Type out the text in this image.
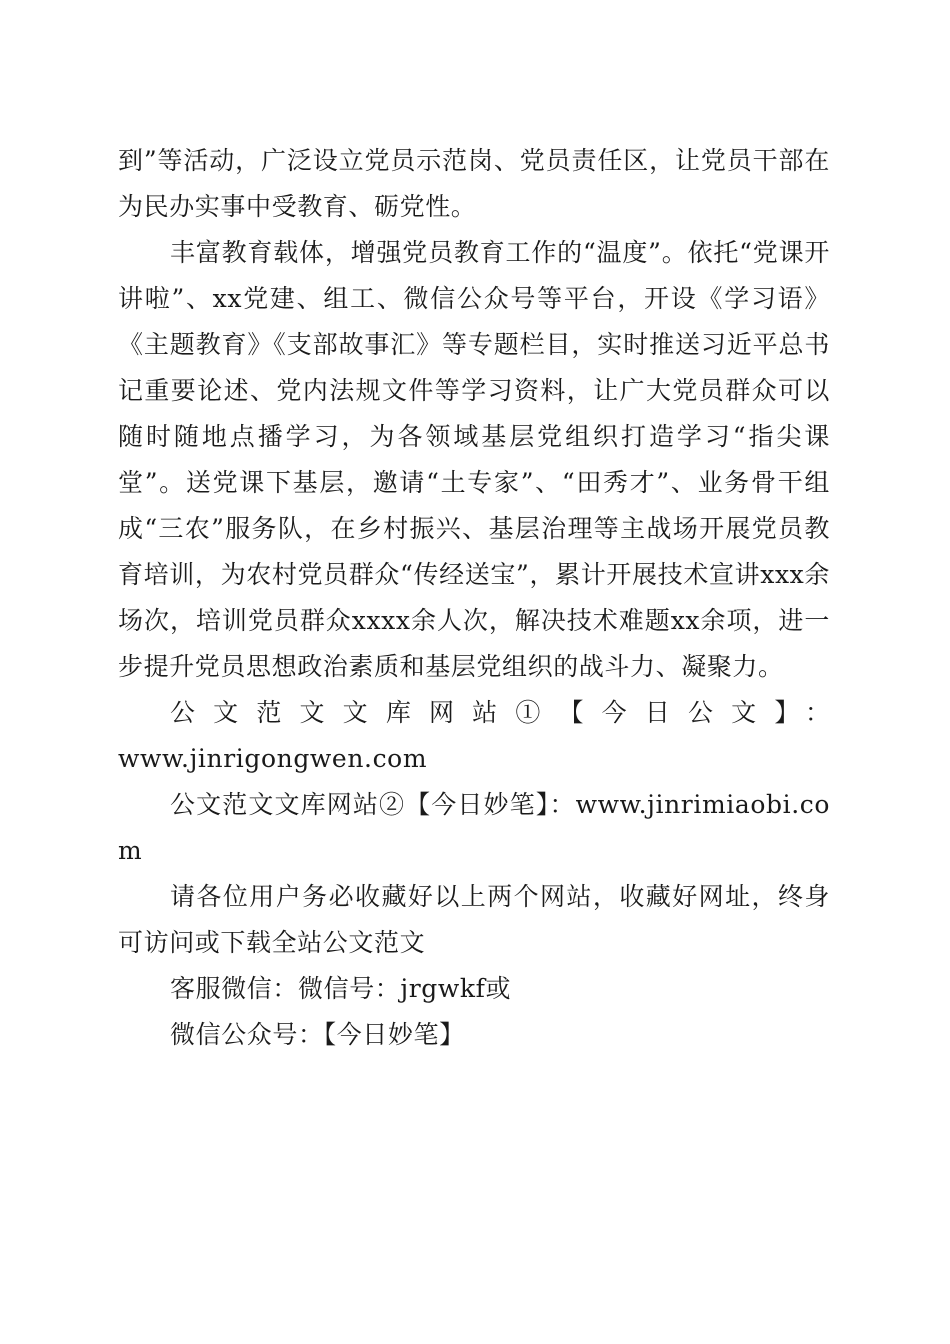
到”等活动，广泛设立党员示范岗、党员责任区，让党员干部在为民办实事中受教育、砺党性。

丰富教育载体，增强党员教育工作的“温度”。依托“党课开讲啦”、xx党建、组工、微信公众号等平台，开设《学习语》《主题教育》《支部故事汇》等专题栏目，实时推送习近平总书记重要论述、党内法规文件等学习资料，让广大党员群众可以随时随地点播学习，为各领域基层党组织打造学习“指尖课堂”。送党课下基层，邀请“土专家”、“田秀才”、业务骨干组成“三农”服务队，在乡村振兴、基层治理等主战场开展党员教育培训，为农村党员群众“传经送宝”，累计开展技术宣讲xxx余场次，培训党员群众xxxx余人次，解决技术难题xx余项，进一步提升党员思想政治素质和基层党组织的战斗力、凝聚力。

公文范文文库网站①【今日公文】：
www.jinrigongwen.com

公文范文文库网站②【今日妙笔】：www.jinrimiaobi.com

请各位用户务必收藏好以上两个网站，收藏好网址，终身可访问或下载全站公文范文

客服微信：微信号：jrgwkf或

微信公众号：【今日妙笔】
